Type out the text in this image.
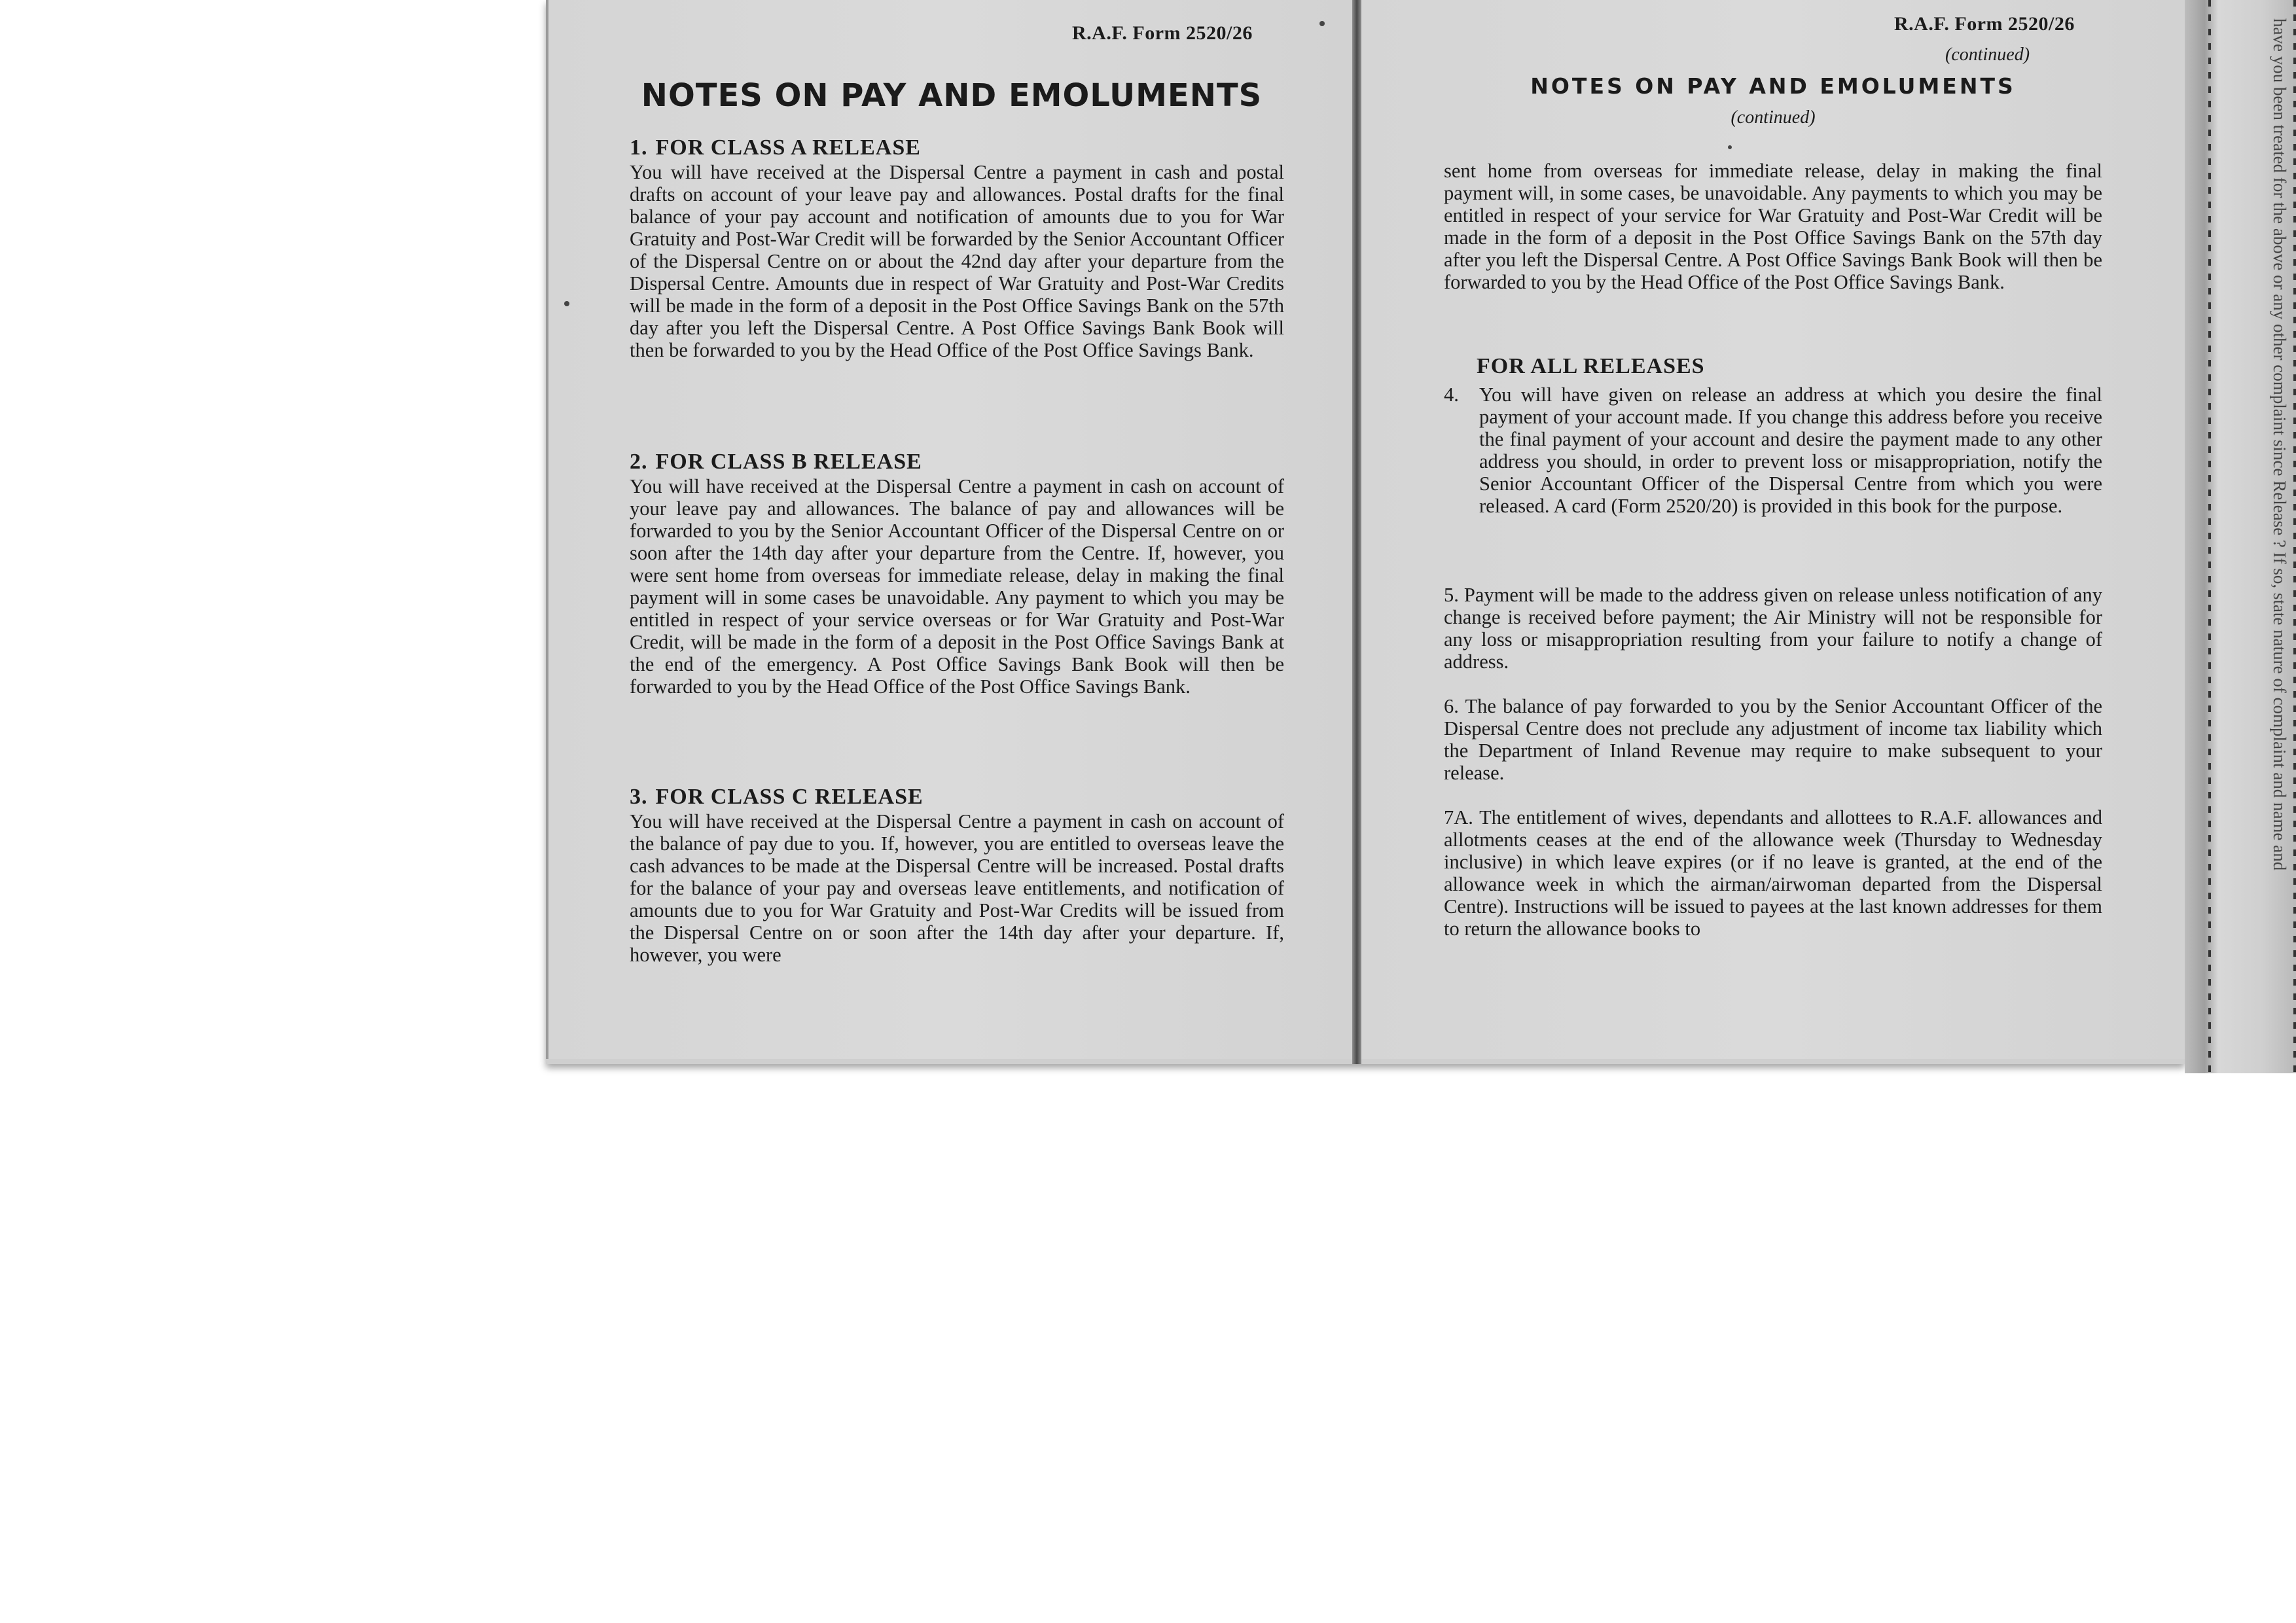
R.A.F. Form 2520/26
NOTES ON PAY AND EMOLUMENTS
1. FOR CLASS A RELEASE
You will have received at the Dispersal Centre a payment in cash and postal drafts on account of your leave pay and allowances. Postal drafts for the final balance of your pay account and notification of amounts due to you for War Gratuity and Post-War Credit will be forwarded by the Senior Accountant Officer of the Dispersal Centre on or about the 42nd day after your departure from the Dispersal Centre. Amounts due in respect of War Gratuity and Post-War Credits will be made in the form of a deposit in the Post Office Savings Bank on the 57th day after you left the Dispersal Centre. A Post Office Savings Bank Book will then be forwarded to you by the Head Office of the Post Office Savings Bank.
2. FOR CLASS B RELEASE
You will have received at the Dispersal Centre a payment in cash on account of your leave pay and allowances. The balance of pay and allowances will be forwarded to you by the Senior Accountant Officer of the Dispersal Centre on or soon after the 14th day after your departure from the Centre. If, however, you were sent home from overseas for immediate release, delay in making the final payment will in some cases be unavoidable. Any payment to which you may be entitled in respect of your service overseas or for War Gratuity and Post-War Credit, will be made in the form of a deposit in the Post Office Savings Bank at the end of the emergency. A Post Office Savings Bank Book will then be forwarded to you by the Head Office of the Post Office Savings Bank.
3. FOR CLASS C RELEASE
You will have received at the Dispersal Centre a payment in cash on account of the balance of pay due to you. If, however, you are entitled to overseas leave the cash advances to be made at the Dispersal Centre will be increased. Postal drafts for the balance of your pay and overseas leave entitlements, and notification of amounts due to you for War Gratuity and Post-War Credits will be issued from the Dispersal Centre on or soon after the 14th day after your departure. If, however, you were
R.A.F. Form 2520/26
(continued)
NOTES ON PAY AND EMOLUMENTS
(continued)
sent home from overseas for immediate release, delay in making the final payment will, in some cases, be unavoidable. Any payments to which you may be entitled in respect of your service for War Gratuity and Post-War Credit will be made in the form of a deposit in the Post Office Savings Bank on the 57th day after you left the Dispersal Centre. A Post Office Savings Bank Book will then be forwarded to you by the Head Office of the Post Office Savings Bank.
FOR ALL RELEASES
4. You will have given on release an address at which you desire the final payment of your account made. If you change this address before you receive the final payment of your account and desire the payment made to any other address you should, in order to prevent loss or misappropriation, notify the Senior Accountant Officer of the Dispersal Centre from which you were released. A card (Form 2520/20) is provided in this book for the purpose.
5. Payment will be made to the address given on release unless notification of any change is received before payment; the Air Ministry will not be responsible for any loss or misappropriation resulting from your failure to notify a change of address.
6. The balance of pay forwarded to you by the Senior Accountant Officer of the Dispersal Centre does not preclude any adjustment of income tax liability which the Department of Inland Revenue may require to make subsequent to your release.
7A. The entitlement of wives, dependants and allottees to R.A.F. allowances and allotments ceases at the end of the allowance week (Thursday to Wednesday inclusive) in which leave expires (or if no leave is granted, at the end of the allowance week in which the airman/airwoman departed from the Dispersal Centre). Instructions will be issued to payees at the last known addresses for them to return the allowance books to
have you been treated for the above or any other complaint since Release ? If so, state nature of complaint and name and
